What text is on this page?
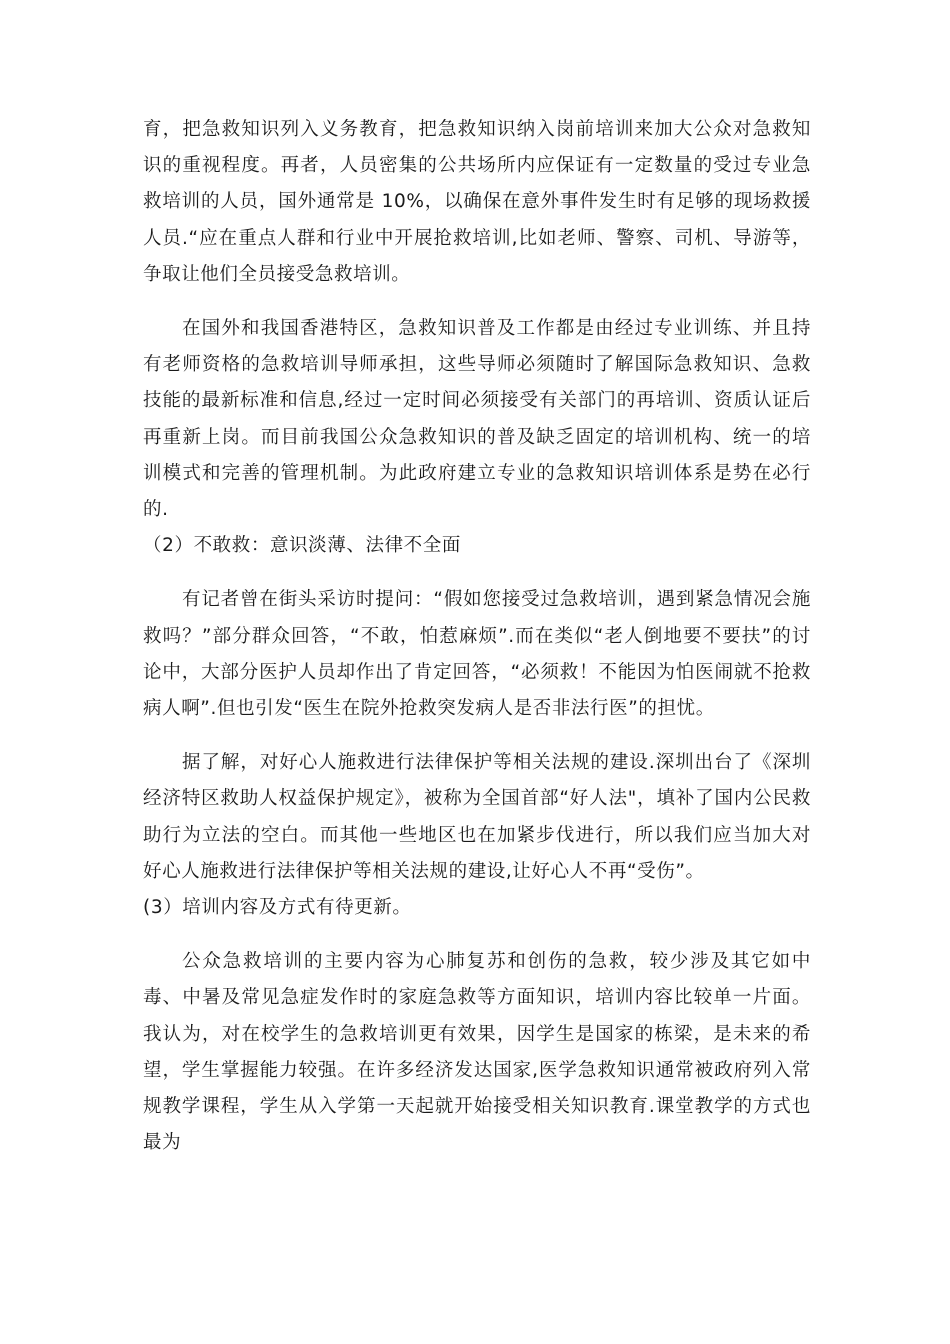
育，把急救知识列入义务教育，把急救知识纳入岗前培训来加大公众对急救知识的重视程度。再者，人员密集的公共场所内应保证有一定数量的受过专业急救培训的人员，国外通常是 10%，以确保在意外事件发生时有足够的现场救援人员.“应在重点人群和行业中开展抢救培训,比如老师、警察、司机、导游等，争取让他们全员接受急救培训。

在国外和我国香港特区，急救知识普及工作都是由经过专业训练、并且持有老师资格的急救培训导师承担，这些导师必须随时了解国际急救知识、急救技能的最新标准和信息,经过一定时间必须接受有关部门的再培训、资质认证后再重新上岗。而目前我国公众急救知识的普及缺乏固定的培训机构、统一的培训模式和完善的管理机制。为此政府建立专业的急救知识培训体系是势在必行的.

（2）不敢救：意识淡薄、法律不全面

有记者曾在街头采访时提问：“假如您接受过急救培训，遇到紧急情况会施救吗？”部分群众回答，“不敢，怕惹麻烦”.而在类似“老人倒地要不要扶”的讨论中，大部分医护人员却作出了肯定回答，“必须救！不能因为怕医闹就不抢救病人啊”.但也引发“医生在院外抢救突发病人是否非法行医”的担忧。

据了解，对好心人施救进行法律保护等相关法规的建设.深圳出台了《深圳经济特区救助人权益保护规定》，被称为全国首部“好人法"，填补了国内公民救助行为立法的空白。而其他一些地区也在加紧步伐进行，所以我们应当加大对好心人施救进行法律保护等相关法规的建设,让好心人不再“受伤”。

(3）培训内容及方式有待更新。

公众急救培训的主要内容为心肺复苏和创伤的急救，较少涉及其它如中毒、中暑及常见急症发作时的家庭急救等方面知识，培训内容比较单一片面。我认为，对在校学生的急救培训更有效果，因学生是国家的栋梁，是未来的希望，学生掌握能力较强。在许多经济发达国家,医学急救知识通常被政府列入常规教学课程，学生从入学第一天起就开始接受相关知识教育.课堂教学的方式也最为
